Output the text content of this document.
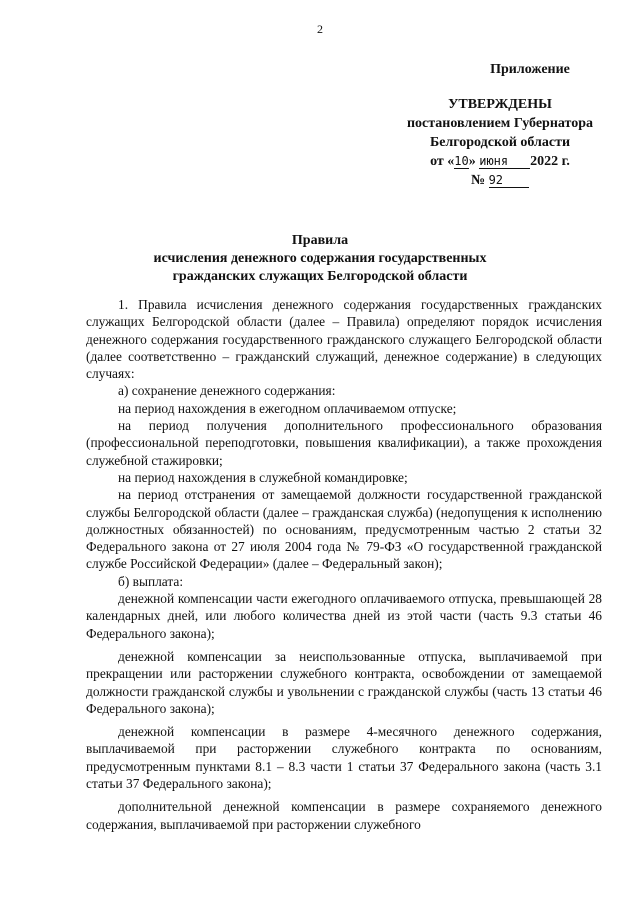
2
Приложение
УТВЕРЖДЕНЫ
постановлением Губернатора
Белгородской области
от «10» июня 2022 г.
№ 92
Правила
исчисления денежного содержания государственных
гражданских служащих Белгородской области

1. Правила исчисления денежного содержания государственных гражданских служащих Белгородской области (далее – Правила) определяют порядок исчисления денежного содержания государственного гражданского служащего Белгородской области (далее соответственно – гражданский служащий, денежное содержание) в следующих случаях:

а) сохранение денежного содержания:

на период нахождения в ежегодном оплачиваемом отпуске;

на период получения дополнительного профессионального образования (профессиональной переподготовки, повышения квалификации), а также прохождения служебной стажировки;

на период нахождения в служебной командировке;

на период отстранения от замещаемой должности государственной гражданской службы Белгородской области (далее – гражданская служба) (недопущения к исполнению должностных обязанностей) по основаниям, предусмотренным частью 2 статьи 32 Федерального закона от 27 июля 2004 года № 79-ФЗ «О государственной гражданской службе Российской Федерации» (далее – Федеральный закон);

б) выплата:

денежной компенсации части ежегодного оплачиваемого отпуска, превышающей 28 календарных дней, или любого количества дней из этой части (часть 9.3 статьи 46 Федерального закона);

денежной компенсации за неиспользованные отпуска, выплачиваемой при прекращении или расторжении служебного контракта, освобождении от замещаемой должности гражданской службы и увольнении с гражданской службы (часть 13 статьи 46 Федерального закона);

денежной компенсации в размере 4-месячного денежного содержания, выплачиваемой при расторжении служебного контракта по основаниям, предусмотренным пунктами 8.1 – 8.3 части 1 статьи 37 Федерального закона (часть 3.1 статьи 37 Федерального закона);

дополнительной денежной компенсации в размере сохраняемого денежного содержания, выплачиваемой при расторжении служебного
